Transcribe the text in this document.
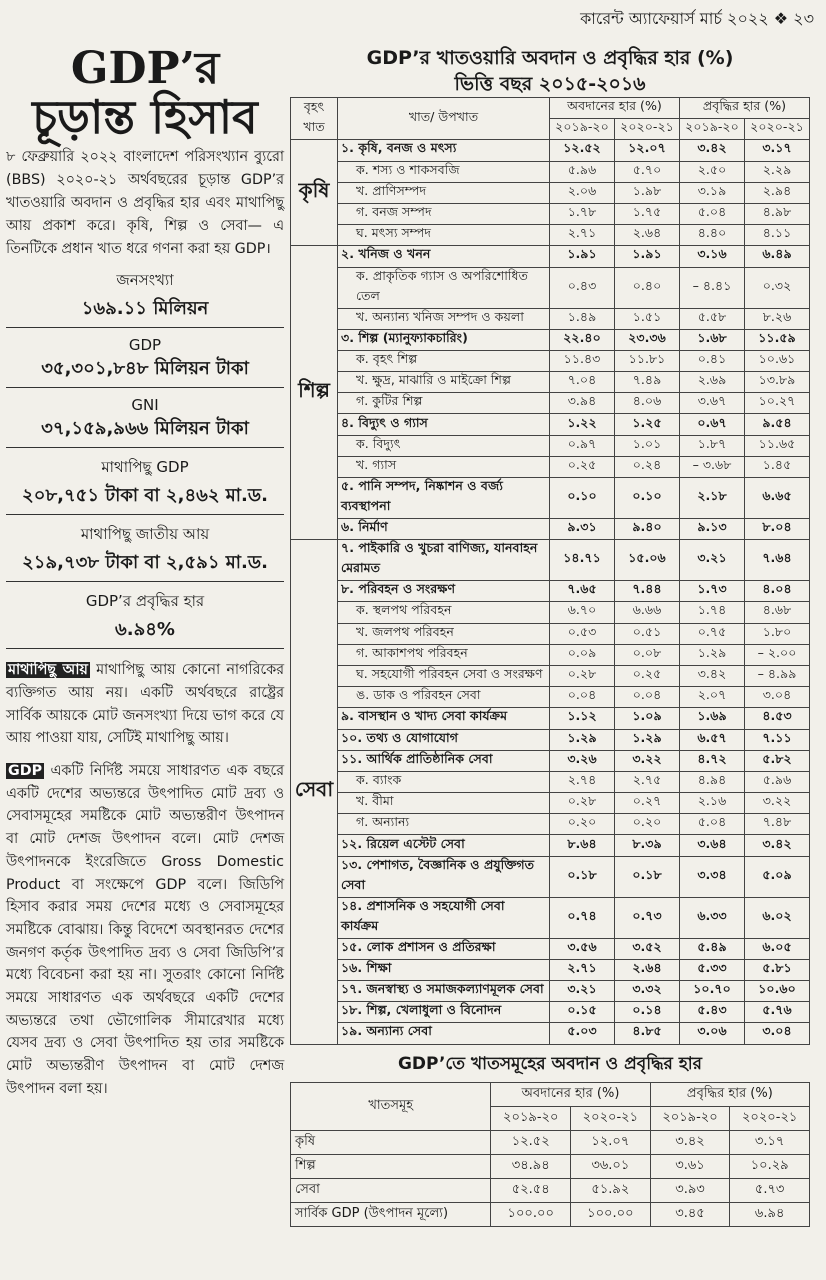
কারেন্ট অ্যাফেয়ার্স মার্চ ২০২২ ❖ ২৩
GDP’র
চূড়ান্ত হিসাব
৮ ফেব্রুয়ারি ২০২২ বাংলাদেশ পরিসংখ্যান ব্যুরো (BBS) ২০২০-২১ অর্থবছরের চূড়ান্ত GDP’র খাতওয়ারি অবদান ও প্রবৃদ্ধির হার এবং মাথাপিছু আয় প্রকাশ করে। কৃষি, শিল্প ও সেবা— এ তিনটিকে প্রধান খাত ধরে গণনা করা হয় GDP।
জনসংখ্যা
১৬৯.১১ মিলিয়ন
GDP
৩৫,৩০১,৮৪৮ মিলিয়ন টাকা
GNI
৩৭,১৫৯,৯৬৬ মিলিয়ন টাকা
মাথাপিছু GDP
২০৮,৭৫১ টাকা বা ২,৪৬২ মা.ড.
মাথাপিছু জাতীয় আয়
২১৯,৭৩৮ টাকা বা ২,৫৯১ মা.ড.
GDP’র প্রবৃদ্ধির হার
৬.৯৪%
মাথাপিছু আয় মাথাপিছু আয় কোনো নাগরিকের ব্যক্তিগত আয় নয়। একটি অর্থবছরে রাষ্ট্রের সার্বিক আয়কে মোট জনসংখ্যা দিয়ে ভাগ করে যে আয় পাওয়া যায়, সেটিই মাথাপিছু আয়।
GDP একটি নির্দিষ্ট সময়ে সাধারণত এক বছরে একটি দেশের অভ্যন্তরে উৎপাদিত মোট দ্রব্য ও সেবাসমূহের সমষ্টিকে মোট অভ্যন্তরীণ উৎপাদন বা মোট দেশজ উৎপাদন বলে। মোট দেশজ উৎপাদনকে ইংরেজিতে Gross Domestic Product বা সংক্ষেপে GDP বলে। জিডিপি হিসাব করার সময় দেশের মধ্যে ও সেবাসমূহের সমষ্টিকে বোঝায়। কিন্তু বিদেশে অবস্থানরত দেশের জনগণ কর্তৃক উৎপাদিত দ্রব্য ও সেবা জিডিপি’র মধ্যে বিবেচনা করা হয় না। সুতরাং কোনো নির্দিষ্ট সময়ে সাধারণত এক অর্থবছরে একটি দেশের অভ্যন্তরে তথা ভৌগোলিক সীমারেখার মধ্যে যেসব দ্রব্য ও সেবা উৎপাদিত হয় তার সমষ্টিকে মোট অভ্যন্তরীণ উৎপাদন বা মোট দেশজ উৎপাদন বলা হয়।
GDP’র খাতওয়ারি অবদান ও প্রবৃদ্ধির হার (%)
ভিত্তি বছর ২০১৫-২০১৬
বৃহৎ খাত	খাত/ উপখাত	অবদানের হার (%)		প্রবৃদ্ধির হার (%)	
		২০১৯-২০	২০২০-২১	২০১৯-২০	২০২০-২১
কৃষি	১. কৃষি, বনজ ও মৎস্য	১২.৫২	১২.০৭	৩.৪২	৩.১৭
	ক. শস্য ও শাকসবজি	৫.৯৬	৫.৭০	২.৫০	২.২৯
	খ. প্রাণিসম্পদ	২.০৬	১.৯৮	৩.১৯	২.৯৪
	গ. বনজ সম্পদ	১.৭৮	১.৭৫	৫.০৪	৪.৯৮
	ঘ. মৎস্য সম্পদ	২.৭১	২.৬৪	৪.৪০	৪.১১
শিল্প	২. খনিজ ও খনন	১.৯১	১.৯১	৩.১৬	৬.৪৯
	ক. প্রাকৃতিক গ্যাস ও অপরিশোধিত তেল	০.৪৩	০.৪০	– ৪.৪১	০.৩২
	খ. অন্যান্য খনিজ সম্পদ ও কয়লা	১.৪৯	১.৫১	৫.৫৮	৮.২৬
	৩. শিল্প (ম্যানুফ্যাকচারিং)	২২.৪০	২৩.৩৬	১.৬৮	১১.৫৯
	ক. বৃহৎ শিল্প	১১.৪৩	১১.৮১	০.৪১	১০.৬১
	খ. ক্ষুদ্র, মাঝারি ও মাইক্রো শিল্প	৭.০৪	৭.৪৯	২.৬৯	১৩.৮৯
	গ. কুটির শিল্প	৩.৯৪	৪.০৬	৩.৬৭	১০.২৭
	৪. বিদ্যুৎ ও গ্যাস	১.২২	১.২৫	০.৬৭	৯.৫৪
	ক. বিদ্যুৎ	০.৯৭	১.০১	১.৮৭	১১.৬৫
	খ. গ্যাস	০.২৫	০.২৪	– ৩.৬৮	১.৪৫
	৫. পানি সম্পদ, নিষ্কাশন ও বর্জ্য ব্যবস্থাপনা	০.১০	০.১০	২.১৮	৬.৬৫
	৬. নির্মাণ	৯.৩১	৯.৪০	৯.১৩	৮.০৪
সেবা	৭. পাইকারি ও খুচরা বাণিজ্য, যানবাহন মেরামত	১৪.৭১	১৫.০৬	৩.২১	৭.৬৪
	৮. পরিবহন ও সংরক্ষণ	৭.৬৫	৭.৪৪	১.৭৩	৪.০৪
	ক. স্থলপথ পরিবহন	৬.৭০	৬.৬৬	১.৭৪	৪.৬৮
	খ. জলপথ পরিবহন	০.৫৩	০.৫১	০.৭৫	১.৮০
	গ. আকাশপথ পরিবহন	০.০৯	০.০৮	১.২৯	– ২.০০
	ঘ. সহযোগী পরিবহন সেবা ও সংরক্ষণ	০.২৮	০.২৫	৩.৪২	– ৪.৯৯
	ঙ. ডাক ও পরিবহন সেবা	০.০৪	০.০৪	২.০৭	৩.০৪
	৯. বাসস্থান ও খাদ্য সেবা কার্যক্রম	১.১২	১.০৯	১.৬৯	৪.৫৩
	১০. তথ্য ও যোগাযোগ	১.২৯	১.২৯	৬.৫৭	৭.১১
	১১. আর্থিক প্রাতিষ্ঠানিক সেবা	৩.২৬	৩.২২	৪.৭২	৫.৮২
	ক. ব্যাংক	২.৭৪	২.৭৫	৪.৯৪	৫.৯৬
	খ. বীমা	০.২৮	০.২৭	২.১৬	৩.২২
	গ. অন্যান্য	০.২০	০.২০	৫.০৪	৭.৪৮
	১২. রিয়েল এস্টেট সেবা	৮.৬৪	৮.৩৯	৩.৬৪	৩.৪২
	১৩. পেশাগত, বৈজ্ঞানিক ও প্রযুক্তিগত সেবা	০.১৮	০.১৮	৩.৩৪	৫.০৯
	১৪. প্রশাসনিক ও সহযোগী সেবা কার্যক্রম	০.৭৪	০.৭৩	৬.৩৩	৬.০২
	১৫. লোক প্রশাসন ও প্রতিরক্ষা	৩.৫৬	৩.৫২	৫.৪৯	৬.০৫
	১৬. শিক্ষা	২.৭১	২.৬৪	৫.৩৩	৫.৮১
	১৭. জনস্বাস্থ্য ও সমাজকল্যাণমূলক সেবা	৩.২১	৩.৩২	১০.৭০	১০.৬০
	১৮. শিল্প, খেলাধুলা ও বিনোদন	০.১৫	০.১৪	৫.৪৩	৫.৭৬
	১৯. অন্যান্য সেবা	৫.০৩	৪.৮৫	৩.০৬	৩.০৪
GDP’তে খাতসমূহের অবদান ও প্রবৃদ্ধির হার
খাতসমূহ	অবদানের হার (%)		প্রবৃদ্ধির হার (%)	
	২০১৯-২০	২০২০-২১	২০১৯-২০	২০২০-২১
কৃষি	১২.৫২	১২.০৭	৩.৪২	৩.১৭
শিল্প	৩৪.৯৪	৩৬.০১	৩.৬১	১০.২৯
সেবা	৫২.৫৪	৫১.৯২	৩.৯৩	৫.৭৩
সার্বিক GDP (উৎপাদন মূল্যে)	১০০.০০	১০০.০০	৩.৪৫	৬.৯৪
